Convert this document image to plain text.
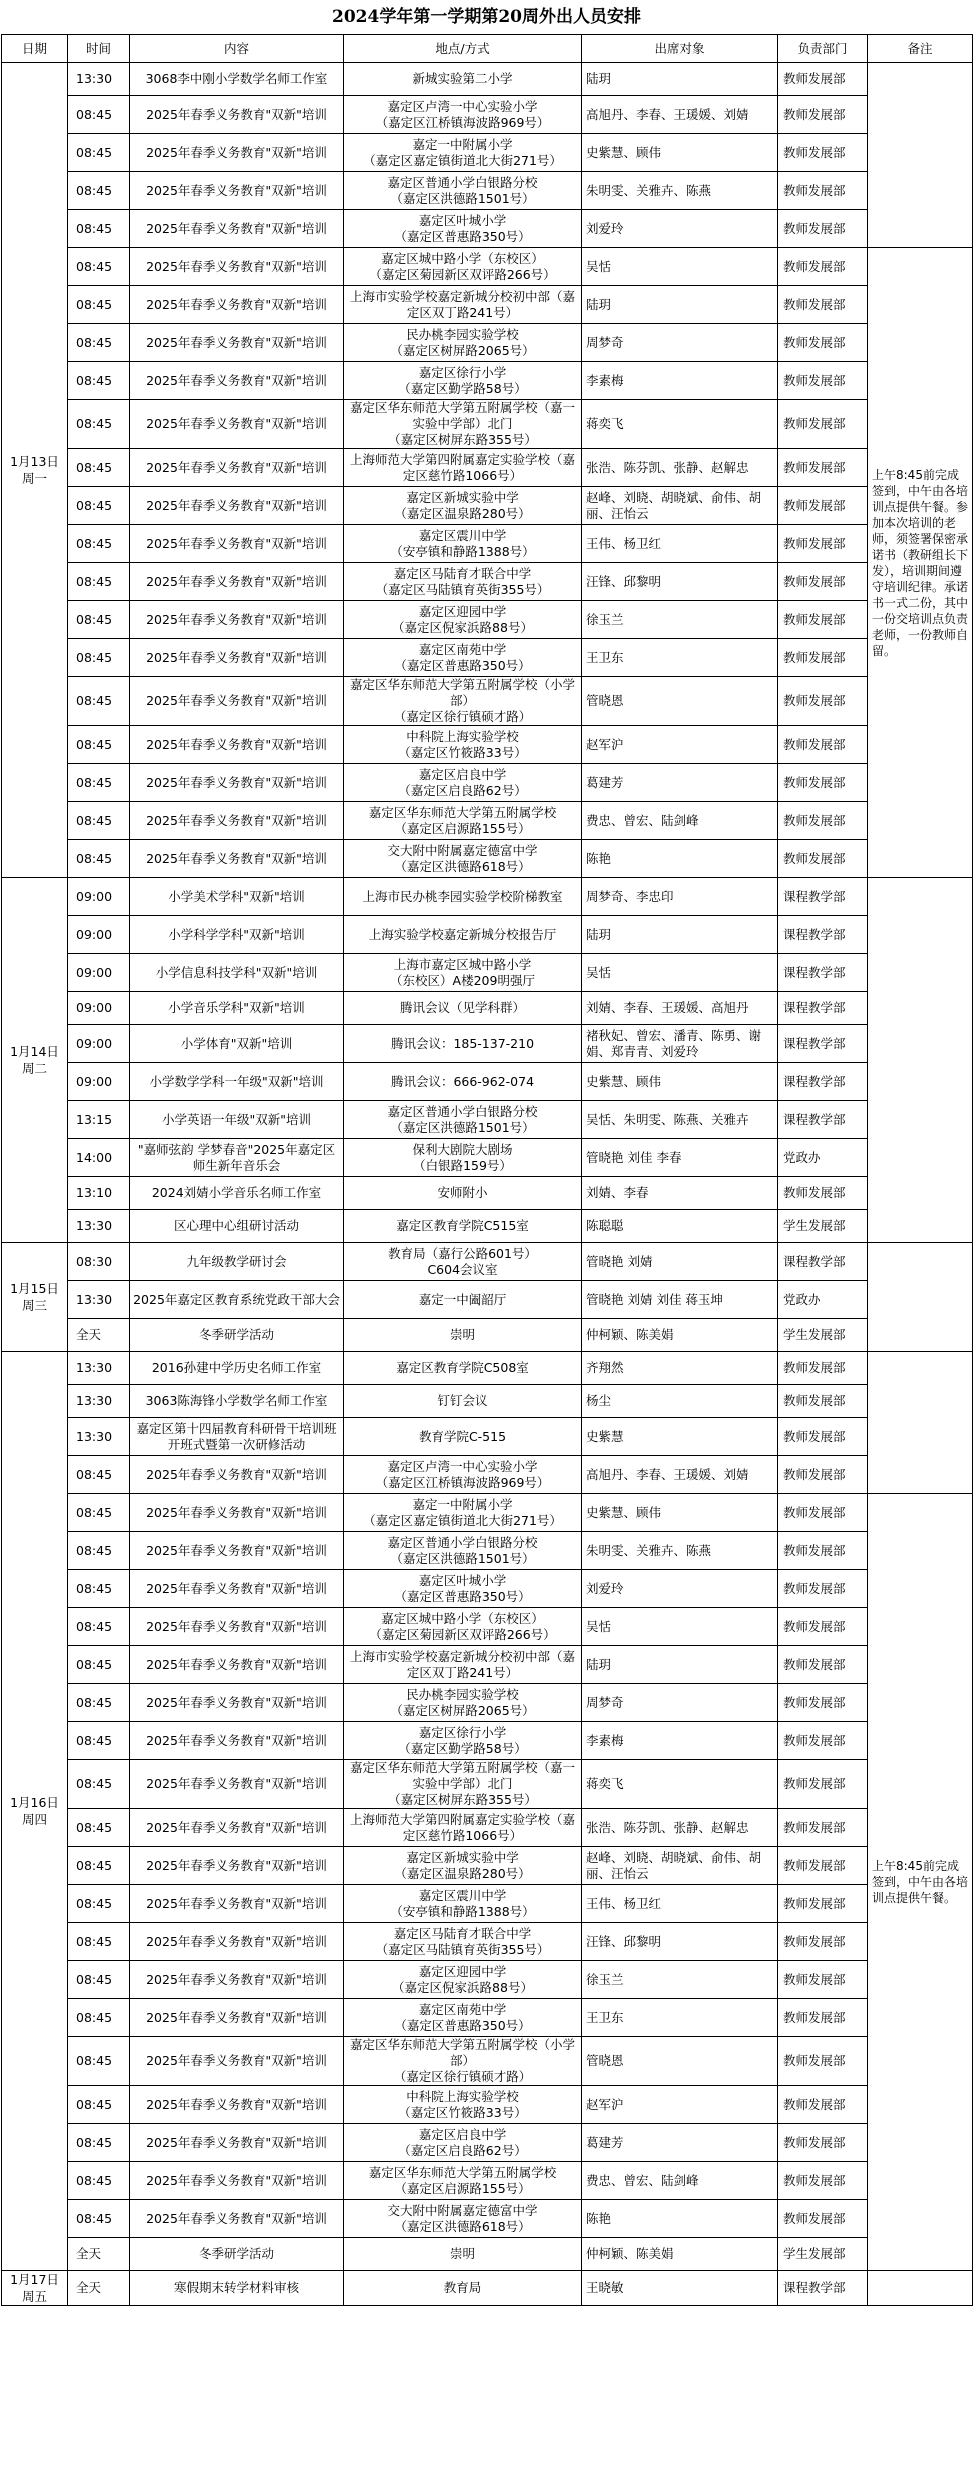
2024学年第一学期第20周外出人员安排
日期	时间	内容	地点/方式	出席对象	负责部门	备注
1月13日
周一	13:30	3068李中刚小学数学名师工作室	新城实验第二小学	陆玥	教师发展部	
	08:45	2025年春季义务教育"双新"培训	嘉定区卢湾一中心实验小学
（嘉定区江桥镇海波路969号）	高旭丹、李春、王瑗媛、刘婧	教师发展部	
	08:45	2025年春季义务教育"双新"培训	嘉定一中附属小学
（嘉定区嘉定镇街道北大街271号）	史紫慧、顾伟	教师发展部	
	08:45	2025年春季义务教育"双新"培训	嘉定区普通小学白银路分校
（嘉定区洪德路1501号）	朱明雯、关雅卉、陈燕	教师发展部	
	08:45	2025年春季义务教育"双新"培训	嘉定区叶城小学
（嘉定区普惠路350号）	刘爱玲	教师发展部	
	08:45	2025年春季义务教育"双新"培训	嘉定区城中路小学（东校区）
（嘉定区菊园新区双评路266号）	吴恬	教师发展部	上午8:45前完成签到，中午由各培训点提供午餐。参加本次培训的老师，须签署保密承诺书（教研组长下发），培训期间遵守培训纪律。承诺书一式二份，其中一份交培训点负责老师，一份教师自留。
	08:45	2025年春季义务教育"双新"培训	上海市实验学校嘉定新城分校初中部（嘉定区双丁路241号）	陆玥	教师发展部	
	08:45	2025年春季义务教育"双新"培训	民办桃李园实验学校
（嘉定区树屏路2065号）	周梦奇	教师发展部	
	08:45	2025年春季义务教育"双新"培训	嘉定区徐行小学
（嘉定区勤学路58号）	李素梅	教师发展部	
	08:45	2025年春季义务教育"双新"培训	嘉定区华东师范大学第五附属学校（嘉一实验中学部）北门
（嘉定区树屏东路355号）	蒋奕飞	教师发展部	
	08:45	2025年春季义务教育"双新"培训	上海师范大学第四附属嘉定实验学校（嘉定区慈竹路1066号）	张浩、陈芬凯、张静、赵解忠	教师发展部	
	08:45	2025年春季义务教育"双新"培训	嘉定区新城实验中学
（嘉定区温泉路280号）	赵峰、刘晓、胡晓斌、俞伟、胡丽、汪怡云	教师发展部	
	08:45	2025年春季义务教育"双新"培训	嘉定区震川中学
（安亭镇和静路1388号）	王伟、杨卫红	教师发展部	
	08:45	2025年春季义务教育"双新"培训	嘉定区马陆育才联合中学
（嘉定区马陆镇育英街355号）	汪锋、邱黎明	教师发展部	
	08:45	2025年春季义务教育"双新"培训	嘉定区迎园中学
（嘉定区倪家浜路88号）	徐玉兰	教师发展部	
	08:45	2025年春季义务教育"双新"培训	嘉定区南苑中学
（嘉定区普惠路350号）	王卫东	教师发展部	
	08:45	2025年春季义务教育"双新"培训	嘉定区华东师范大学第五附属学校（小学部）
（嘉定区徐行镇硕才路）	管晓恩	教师发展部	
	08:45	2025年春季义务教育"双新"培训	中科院上海实验学校
（嘉定区竹筱路33号）	赵军沪	教师发展部	
	08:45	2025年春季义务教育"双新"培训	嘉定区启良中学
（嘉定区启良路62号）	葛建芳	教师发展部	
	08:45	2025年春季义务教育"双新"培训	嘉定区华东师范大学第五附属学校
（嘉定区启源路155号）	费忠、曾宏、陆剑峰	教师发展部	
	08:45	2025年春季义务教育"双新"培训	交大附中附属嘉定德富中学
（嘉定区洪德路618号）	陈艳	教师发展部	
1月14日
周二	09:00	小学美术学科"双新"培训	上海市民办桃李园实验学校阶梯教室	周梦奇、李忠印	课程教学部	
	09:00	小学科学学科"双新"培训	上海实验学校嘉定新城分校报告厅	陆玥	课程教学部	
	09:00	小学信息科技学科"双新"培训	上海市嘉定区城中路小学
（东校区）A楼209明强厅	吴恬	课程教学部	
	09:00	小学音乐学科"双新"培训	腾讯会议（见学科群）	刘婧、李春、王瑗媛、高旭丹	课程教学部	
	09:00	小学体育"双新"培训	腾讯会议：185-137-210	褚秋妃、曾宏、潘青、陈勇、谢娟、郑青青、刘爱玲	课程教学部	
	09:00	小学数学学科一年级"双新"培训	腾讯会议：666-962-074	史紫慧、顾伟	课程教学部	
	13:15	小学英语一年级"双新"培训	嘉定区普通小学白银路分校
（嘉定区洪德路1501号）	吴恬、朱明雯、陈燕、关雅卉	课程教学部	
	14:00	"嘉师弦韵 学梦春音"2025年嘉定区师生新年音乐会	保利大剧院大剧场
（白银路159号）	管晓艳 刘佳 李春	党政办	
	13:10	2024刘婧小学音乐名师工作室	安师附小	刘婧、李春	教师发展部	
	13:30	区心理中心组研讨活动	嘉定区教育学院C515室	陈聪聪	学生发展部	
1月15日
周三	08:30	九年级教学研讨会	教育局（嘉行公路601号）
C604会议室	管晓艳 刘婧	课程教学部	
	13:30	2025年嘉定区教育系统党政干部大会	嘉定一中阖韶厅	管晓艳 刘婧 刘佳 蒋玉坤	党政办	
	全天	冬季研学活动	崇明	仲柯颖、陈美娟	学生发展部	
1月16日
周四	13:30	2016孙建中学历史名师工作室	嘉定区教育学院C508室	齐翔然	教师发展部	
	13:30	3063陈海锋小学数学名师工作室	钉钉会议	杨尘	教师发展部	
	13:30	嘉定区第十四届教育科研骨干培训班开班式暨第一次研修活动	教育学院C-515	史紫慧	教师发展部	
	08:45	2025年春季义务教育"双新"培训	嘉定区卢湾一中心实验小学
（嘉定区江桥镇海波路969号）	高旭丹、李春、王瑗媛、刘婧	教师发展部	
	08:45	2025年春季义务教育"双新"培训	嘉定一中附属小学
（嘉定区嘉定镇街道北大街271号）	史紫慧、顾伟	教师发展部	上午8:45前完成签到，中午由各培训点提供午餐。
	08:45	2025年春季义务教育"双新"培训	嘉定区普通小学白银路分校
（嘉定区洪德路1501号）	朱明雯、关雅卉、陈燕	教师发展部	
	08:45	2025年春季义务教育"双新"培训	嘉定区叶城小学
（嘉定区普惠路350号）	刘爱玲	教师发展部	
	08:45	2025年春季义务教育"双新"培训	嘉定区城中路小学（东校区）
（嘉定区菊园新区双评路266号）	吴恬	教师发展部	
	08:45	2025年春季义务教育"双新"培训	上海市实验学校嘉定新城分校初中部（嘉定区双丁路241号）	陆玥	教师发展部	
	08:45	2025年春季义务教育"双新"培训	民办桃李园实验学校
（嘉定区树屏路2065号）	周梦奇	教师发展部	
	08:45	2025年春季义务教育"双新"培训	嘉定区徐行小学
（嘉定区勤学路58号）	李素梅	教师发展部	
	08:45	2025年春季义务教育"双新"培训	嘉定区华东师范大学第五附属学校（嘉一实验中学部）北门
（嘉定区树屏东路355号）	蒋奕飞	教师发展部	
	08:45	2025年春季义务教育"双新"培训	上海师范大学第四附属嘉定实验学校（嘉定区慈竹路1066号）	张浩、陈芬凯、张静、赵解忠	教师发展部	
	08:45	2025年春季义务教育"双新"培训	嘉定区新城实验中学
（嘉定区温泉路280号）	赵峰、刘晓、胡晓斌、俞伟、胡丽、汪怡云	教师发展部	
	08:45	2025年春季义务教育"双新"培训	嘉定区震川中学
（安亭镇和静路1388号）	王伟、杨卫红	教师发展部	
	08:45	2025年春季义务教育"双新"培训	嘉定区马陆育才联合中学
（嘉定区马陆镇育英街355号）	汪锋、邱黎明	教师发展部	
	08:45	2025年春季义务教育"双新"培训	嘉定区迎园中学
（嘉定区倪家浜路88号）	徐玉兰	教师发展部	
	08:45	2025年春季义务教育"双新"培训	嘉定区南苑中学
（嘉定区普惠路350号）	王卫东	教师发展部	
	08:45	2025年春季义务教育"双新"培训	嘉定区华东师范大学第五附属学校（小学部）
（嘉定区徐行镇硕才路）	管晓恩	教师发展部	
	08:45	2025年春季义务教育"双新"培训	中科院上海实验学校
（嘉定区竹筱路33号）	赵军沪	教师发展部	
	08:45	2025年春季义务教育"双新"培训	嘉定区启良中学
（嘉定区启良路62号）	葛建芳	教师发展部	
	08:45	2025年春季义务教育"双新"培训	嘉定区华东师范大学第五附属学校
（嘉定区启源路155号）	费忠、曾宏、陆剑峰	教师发展部	
	08:45	2025年春季义务教育"双新"培训	交大附中附属嘉定德富中学
（嘉定区洪德路618号）	陈艳	教师发展部	
	全天	冬季研学活动	崇明	仲柯颖、陈美娟	学生发展部	
1月17日
周五	全天	寒假期末转学材料审核	教育局	王晓敏	课程教学部	
